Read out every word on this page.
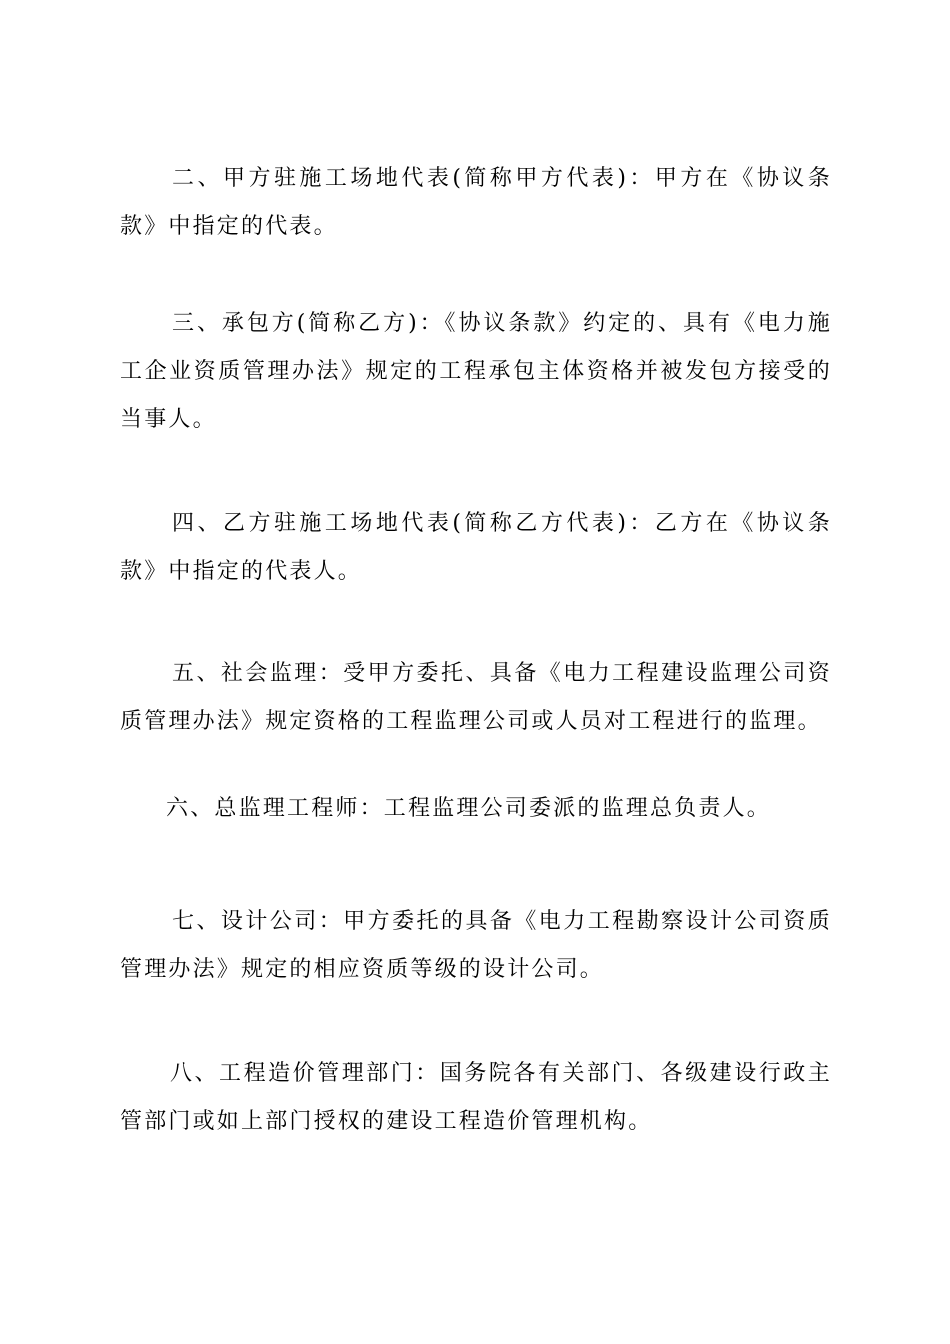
二、甲方驻施工场地代表(简称甲方代表)：甲方在《协议条款》中指定的代表。

三、承包方(简称乙方)：《协议条款》约定的、具有《电力施工企业资质管理办法》规定的工程承包主体资格并被发包方接受的当事人。

四、乙方驻施工场地代表(简称乙方代表)：乙方在《协议条款》中指定的代表人。

五、社会监理：受甲方委托、具备《电力工程建设监理公司资质管理办法》规定资格的工程监理公司或人员对工程进行的监理。

六、总监理工程师：工程监理公司委派的监理总负责人。

七、设计公司：甲方委托的具备《电力工程勘察设计公司资质管理办法》规定的相应资质等级的设计公司。

八、工程造价管理部门：国务院各有关部门、各级建设行政主管部门或如上部门授权的建设工程造价管理机构。
